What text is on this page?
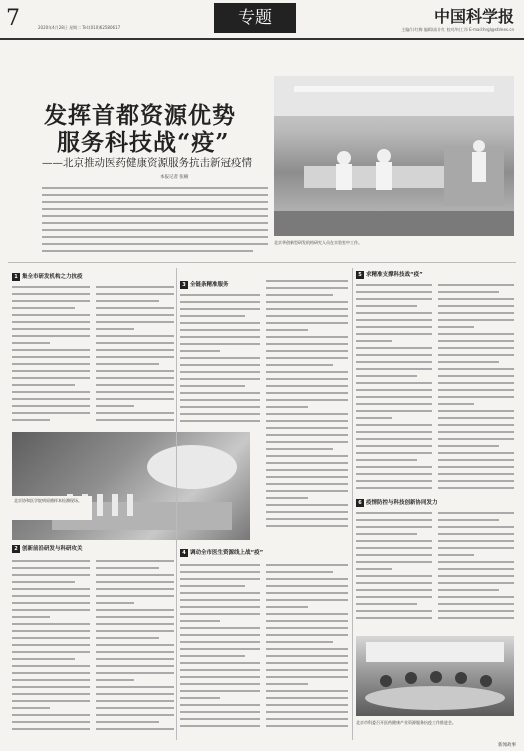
7	2020年4月28日 星期二 Tel:(010)62580617	专题	中国科学报
主编/计红梅 编辑/高计红 校对/何工昂 E-mail:hrgl@stimes.cn
发挥首都资源优势
服务科技战“疫”
——北京推动医药健康资源服务抗击新冠疫情
本报记者 张楠
北京华创新型研发机构研究人员在实验室中工作。
1 集全市研发机构之力抗疫
3 全链条精准服务
5 求精准支撑科技战“疫”
北京协和医学院病原菌样本检测现场。
2 创新前沿研发与科研攻关
4 调动全市医生资源线上战“疫”
6 疫情防控与科技创新协同发力
北京市科委召开医药健康产业资源服务抗疫工作推进会。
新闻故事
